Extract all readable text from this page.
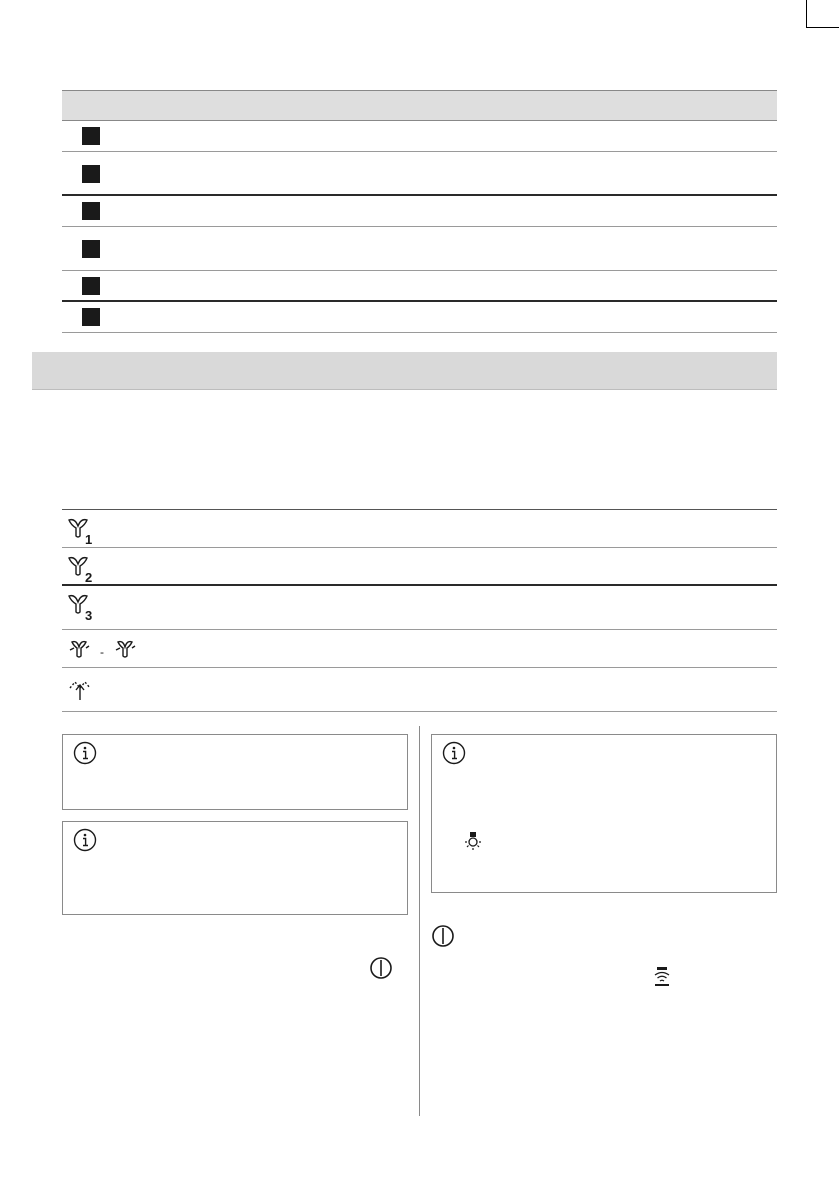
1
2
3
-
